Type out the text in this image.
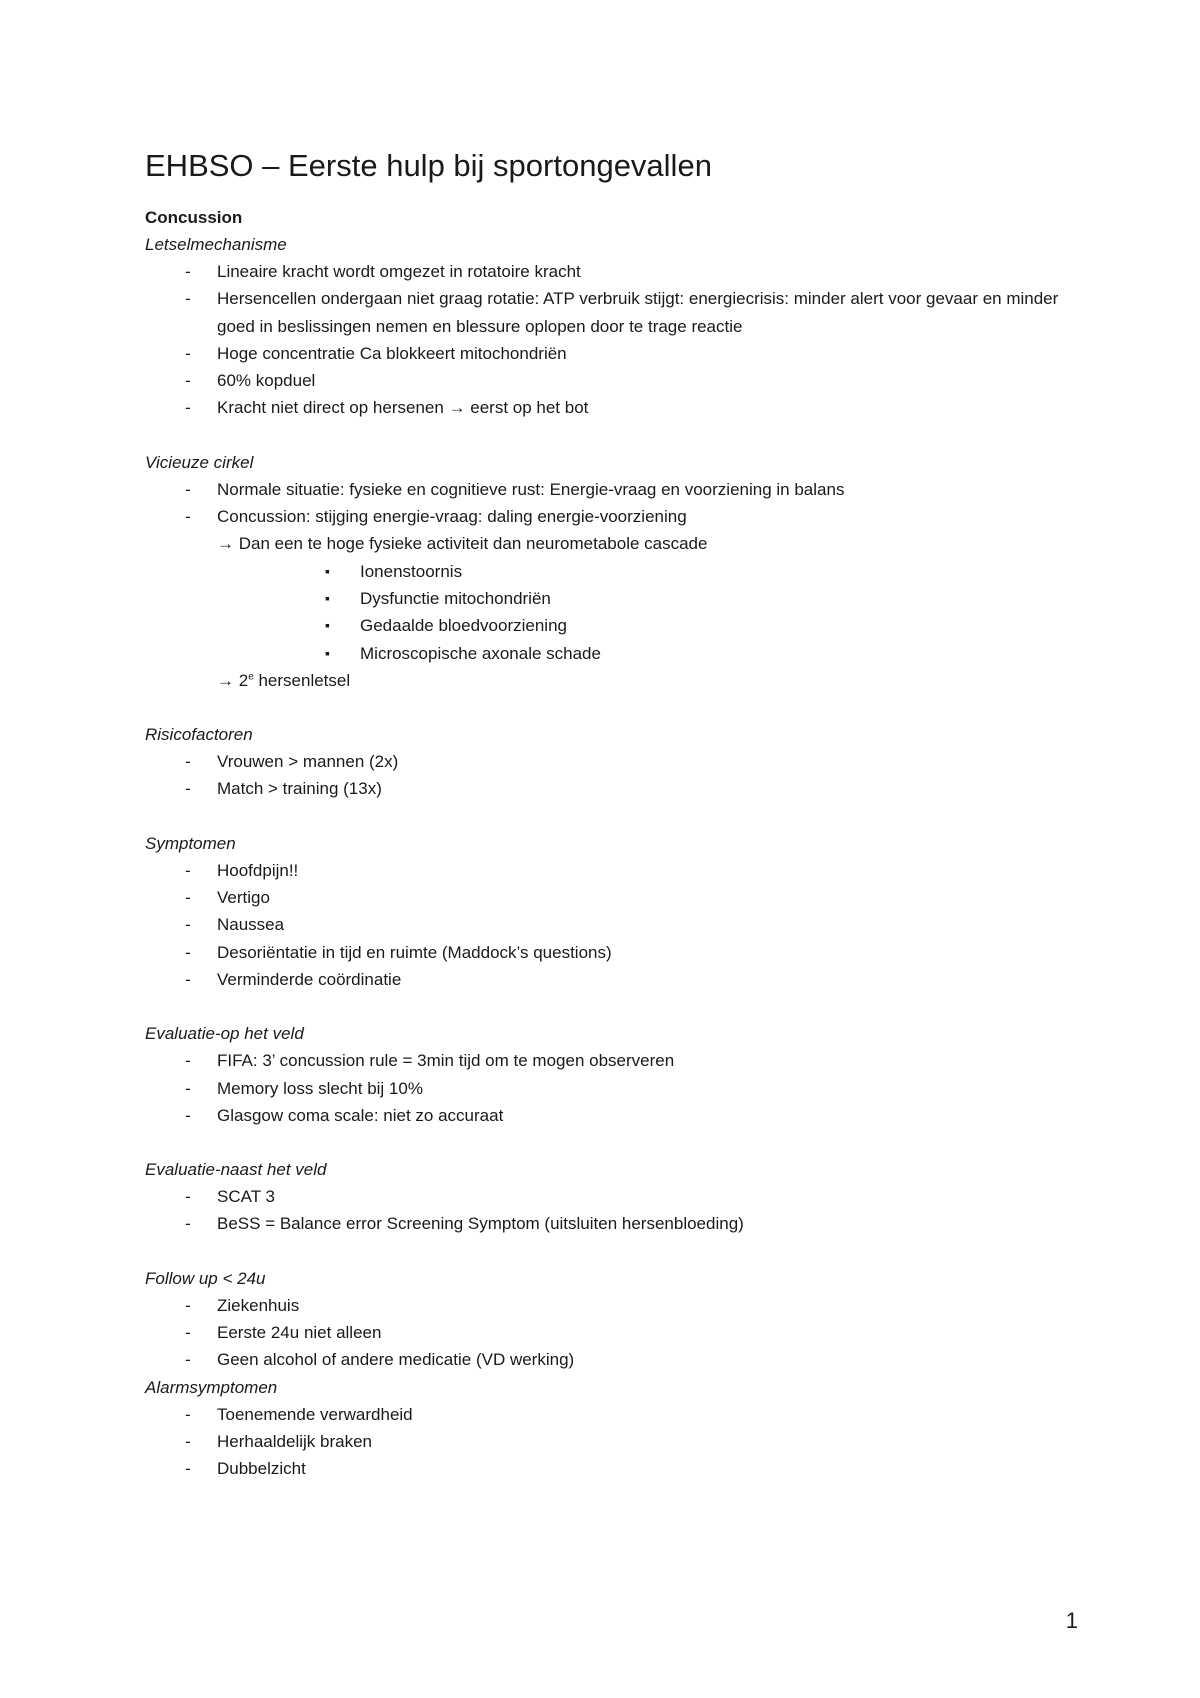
EHBSO – Eerste hulp bij sportongevallen
Concussion
Letselmechanisme
- Lineaire kracht wordt omgezet in rotatoire kracht
- Hersencellen ondergaan niet graag rotatie: ATP verbruik stijgt: energiecrisis: minder alert voor gevaar en minder goed in beslissingen nemen en blessure oplopen door te trage reactie
- Hoge concentratie Ca blokkeert mitochondriën
- 60% kopduel
- Kracht niet direct op hersenen → eerst op het bot
Vicieuze cirkel
- Normale situatie: fysieke en cognitieve rust: Energie-vraag en voorziening in balans
- Concussion: stijging energie-vraag: daling energie-voorziening
→ Dan een te hoge fysieke activiteit dan neurometabole cascade
▪ Ionenstoornis
▪ Dysfunctie mitochondriën
▪ Gedaalde bloedvoorziening
▪ Microscopische axonale schade
→ $2^e$ hersenletsel
Risicofactoren
- Vrouwen > mannen (2x)
- Match > training (13x)
Symptomen
- Hoofdpijn!!
- Vertigo
- Naussea
- Desoriëntatie in tijd en ruimte (Maddock’s questions)
- Verminderde coördinatie
Evaluatie-op het veld
- FIFA: 3’ concussion rule = 3min tijd om te mogen observeren
- Memory loss slecht bij 10%
- Glasgow coma scale: niet zo accuraat
Evaluatie-naast het veld
- SCAT 3
- BeSS = Balance error Screening Symptom (uitsluiten hersenbloeding)
Follow up < 24u
- Ziekenhuis
- Eerste 24u niet alleen
- Geen alcohol of andere medicatie (VD werking)
Alarmsymptomen
- Toenemende verwardheid
- Herhaaldelijk braken
- Dubbelzicht
1
